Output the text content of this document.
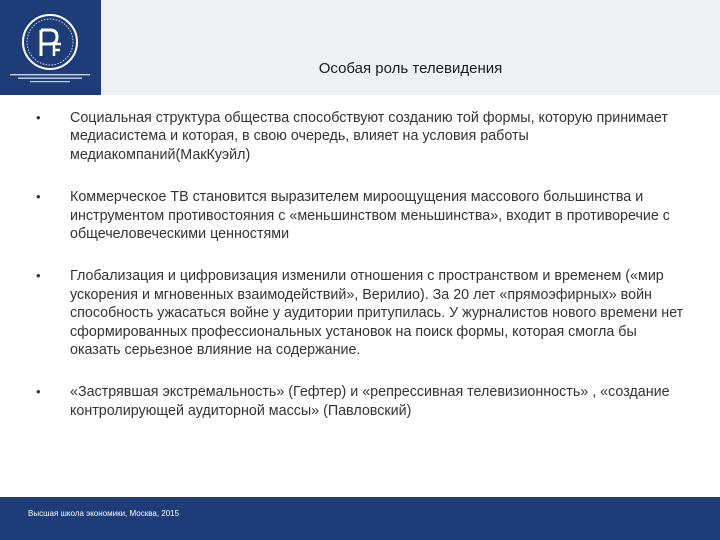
Особая роль телевидения
•	Социальная структура общества способствуют созданию той формы, которую принимает медиасистема и которая, в свою очередь, влияет на условия работы медиакомпаний(МакКуэйл)
•	Коммерческое ТВ становится выразителем мироощущения массового большинства и инструментом противостояния с «меньшинством меньшинства», входит в противоречие с общечеловеческими ценностями
•	Глобализация и цифровизация изменили отношения с пространством и временем («мир ускорения и мгновенных взаимодействий», Верилио). За 20 лет «прямоэфирных» войн способность ужасаться войне у аудитории притупилась. У журналистов нового времени нет сформированных профессиональных установок на поиск формы, которая смогла бы оказать серьезное влияние на содержание.
•	«Застрявшая экстремальность» (Гефтер) и «репрессивная телевизионность» , «создание контролирующей аудиторной массы» (Павловский)
Высшая школа экономики, Москва, 2015
